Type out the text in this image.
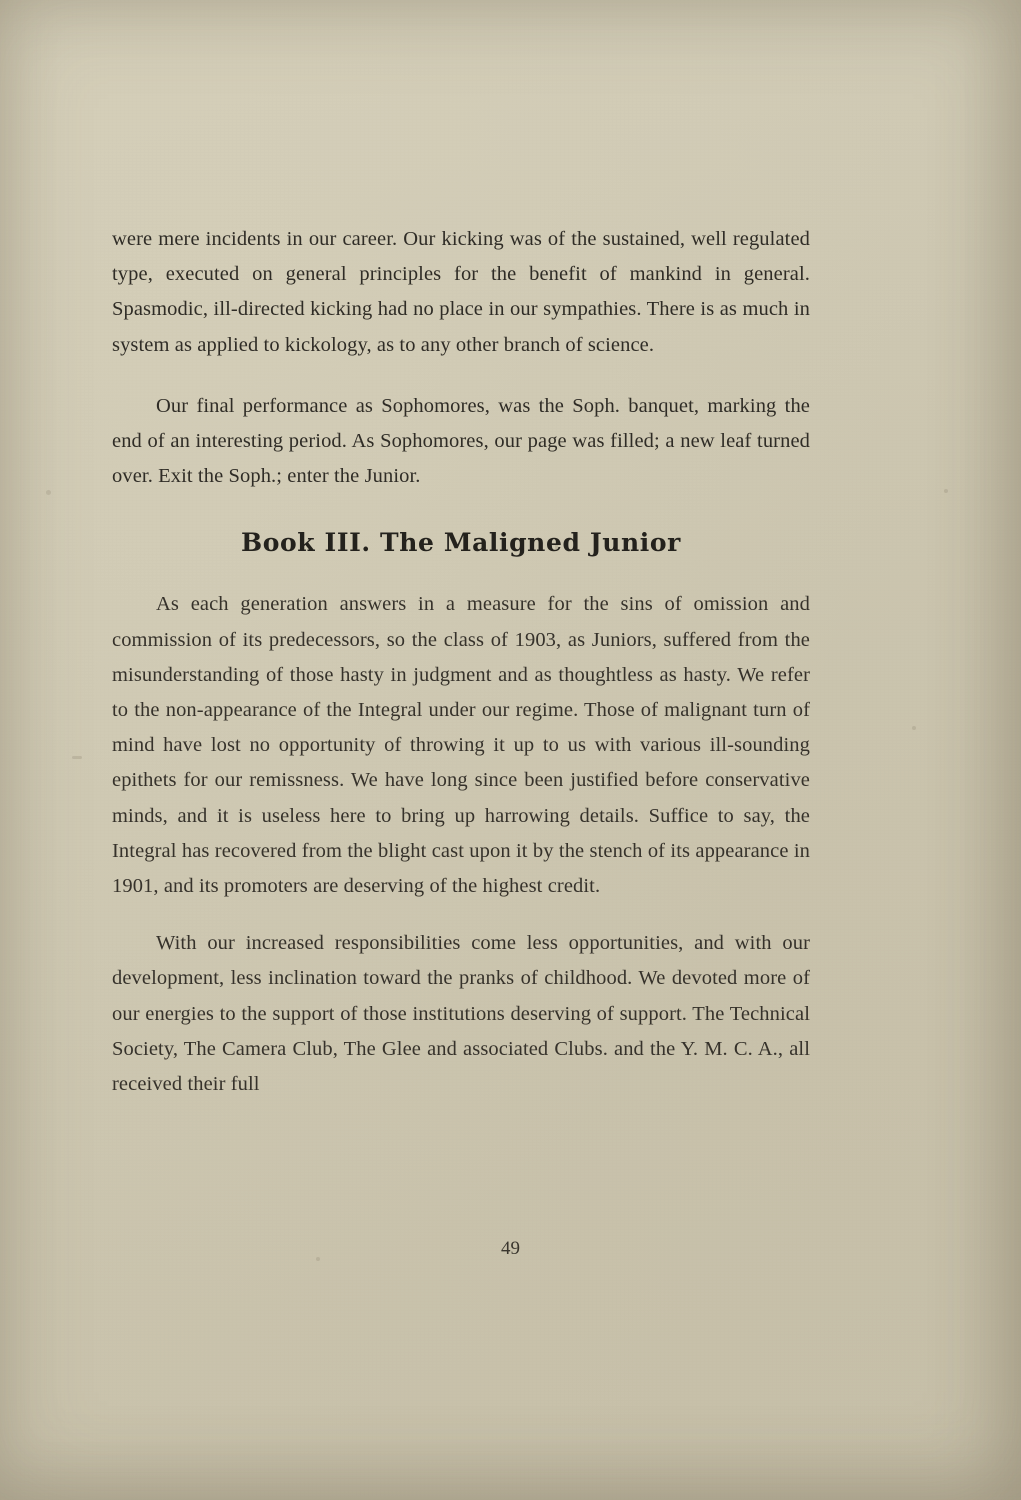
were mere incidents in our career. Our kicking was of the sustained, well regulated type, executed on general principles for the benefit of mankind in general. Spasmodic, ill-directed kicking had no place in our sympathies. There is as much in system as applied to kickology, as to any other branch of science.

Our final performance as Sophomores, was the Soph. banquet, marking the end of an interesting period. As Sophomores, our page was filled; a new leaf turned over. Exit the Soph.; enter the Junior.

Book III. The Maligned Junior

As each generation answers in a measure for the sins of omission and commission of its predecessors, so the class of 1903, as Juniors, suffered from the misunderstanding of those hasty in judgment and as thoughtless as hasty. We refer to the non-appearance of the Integral under our regime. Those of malignant turn of mind have lost no opportunity of throwing it up to us with various ill-sounding epithets for our remissness. We have long since been justified before conservative minds, and it is useless here to bring up harrowing details. Suffice to say, the Integral has recovered from the blight cast upon it by the stench of its appearance in 1901, and its promoters are deserving of the highest credit.

With our increased responsibilities come less opportunities, and with our development, less inclination toward the pranks of childhood. We devoted more of our energies to the support of those institutions deserving of support. The Technical Society, The Camera Club, The Glee and associated Clubs. and the Y. M. C. A., all received their full

49
